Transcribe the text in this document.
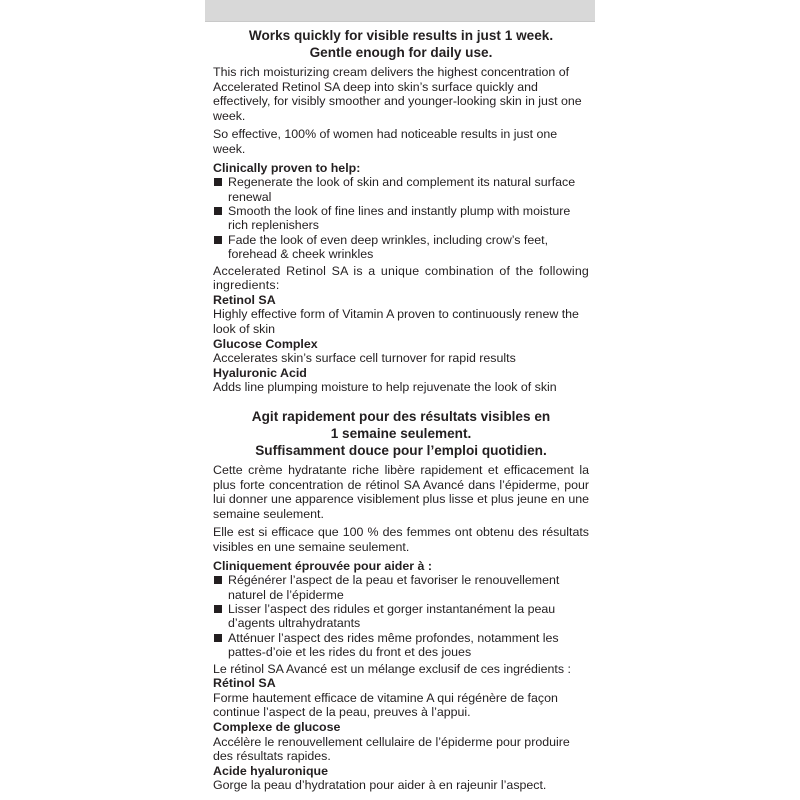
Works quickly for visible results in just 1 week.
Gentle enough for daily use.

This rich moisturizing cream delivers the highest concentration of Accelerated Retinol SA deep into skin’s surface quickly and effectively, for visibly smoother and younger-looking skin in just one week.

So effective, 100% of women had noticeable results in just one week.

Clinically proven to help:
Regenerate the look of skin and complement its natural surface renewal
Smooth the look of fine lines and instantly plump with moisture rich replenishers
Fade the look of even deep wrinkles, including crow’s feet, forehead & cheek wrinkles

Accelerated Retinol SA is a unique combination of the following ingredients:

Retinol SA
Highly effective form of Vitamin A proven to continuously renew the look of skin
Glucose Complex
Accelerates skin’s surface cell turnover for rapid results
Hyaluronic Acid
Adds line plumping moisture to help rejuvenate the look of skin
Agit rapidement pour des résultats visibles en
1 semaine seulement.
Suffisamment douce pour l’emploi quotidien.

Cette crème hydratante riche libère rapidement et efficacement la plus forte concentration de rétinol SA Avancé dans l’épiderme, pour lui donner une apparence visiblement plus lisse et plus jeune en une semaine seulement.

Elle est si efficace que 100 % des femmes ont obtenu des résultats visibles en une semaine seulement.

Cliniquement éprouvée pour aider à :
Régénérer l’aspect de la peau et favoriser le renouvellement naturel de l’épiderme
Lisser l’aspect des ridules et gorger instantanément la peau d’agents ultrahydratants
Atténuer l’aspect des rides même profondes, notamment les pattes-d’oie et les rides du front et des joues

Le rétinol SA Avancé est un mélange exclusif de ces ingrédients :

Rétinol SA
Forme hautement efficace de vitamine A qui régénère de façon continue l’aspect de la peau, preuves à l’appui.
Complexe de glucose
Accélère le renouvellement cellulaire de l’épiderme pour produire des résultats rapides.
Acide hyaluronique
Gorge la peau d’hydratation pour aider à en rajeunir l’aspect.
